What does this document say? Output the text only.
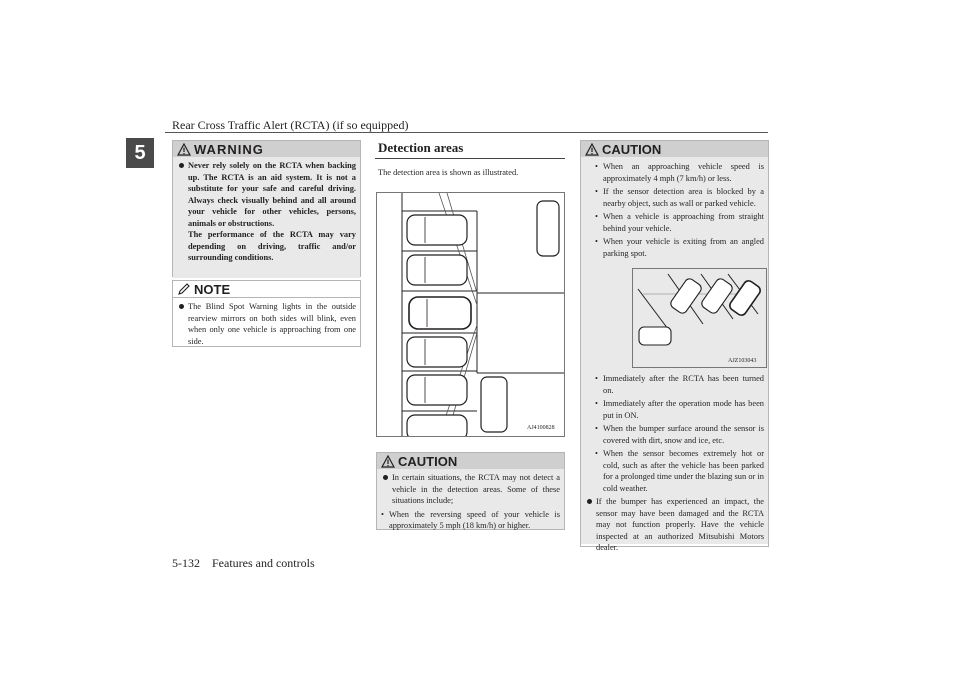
Rear Cross Traffic Alert (RCTA) (if so equipped)
5	WARNING
Never rely solely on the RCTA when backing up. The RCTA is an aid system. It is not a substitute for your safe and careful driving. Always check visually behind and all around your vehicle for other vehicles, persons, animals or obstructions.
The performance of the RCTA may vary depending on driving, traffic and/or surrounding conditions.
NOTE
The Blind Spot Warning lights in the outside rearview mirrors on both sides will blink, even when only one vehicle is approaching from one side.
Detection areas
The detection area is shown as illustrated.
AJ4100828
CAUTION
In certain situations, the RCTA may not detect a vehicle in the detection areas. Some of these situations include;
• When the reversing speed of your vehicle is approximately 5 mph (18 km/h) or higher.
CAUTION
• When an approaching vehicle speed is approximately 4 mph (7 km/h) or less.
• If the sensor detection area is blocked by a nearby object, such as wall or parked vehicle.
• When a vehicle is approaching from straight behind your vehicle.
• When your vehicle is exiting from an angled parking spot.
• Immediately after the RCTA has been turned on.
• Immediately after the operation mode has been put in ON.
• When the bumper surface around the sensor is covered with dirt, snow and ice, etc.
• When the sensor becomes extremely hot or cold, such as after the vehicle has been parked for a prolonged time under the blazing sun or in cold weather.
If the bumper has experienced an impact, the sensor may have been damaged and the RCTA may not function properly. Have the vehicle inspected at an authorized Mitsubishi Motors dealer.
AJZ103043
5-132    Features and controls
